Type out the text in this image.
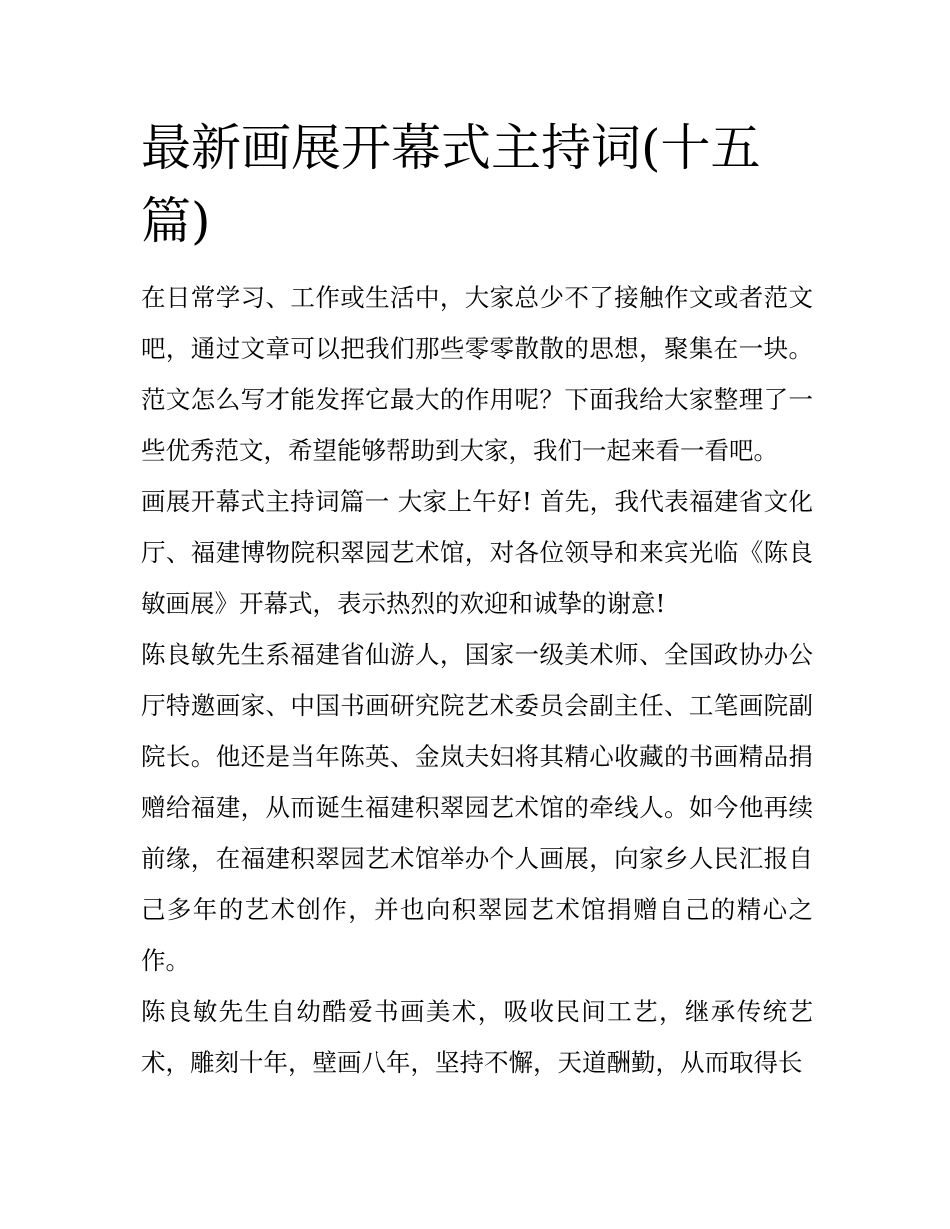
最新画展开幕式主持词(十五篇)

在日常学习、工作或生活中，大家总少不了接触作文或者范文吧，通过文章可以把我们那些零零散散的思想，聚集在一块。范文怎么写才能发挥它最大的作用呢？下面我给大家整理了一些优秀范文，希望能够帮助到大家，我们一起来看一看吧。

画展开幕式主持词篇一 大家上午好! 首先，我代表福建省文化厅、福建博物院积翠园艺术馆，对各位领导和来宾光临《陈良敏画展》开幕式，表示热烈的欢迎和诚挚的谢意!

陈良敏先生系福建省仙游人，国家一级美术师、全国政协办公厅特邀画家、中国书画研究院艺术委员会副主任、工笔画院副院长。他还是当年陈英、金岚夫妇将其精心收藏的书画精品捐赠给福建，从而诞生福建积翠园艺术馆的牵线人。如今他再续前缘，在福建积翠园艺术馆举办个人画展，向家乡人民汇报自己多年的艺术创作，并也向积翠园艺术馆捐赠自己的精心之作。

陈良敏先生自幼酷爱书画美术，吸收民间工艺，继承传统艺术，雕刻十年，壁画八年，坚持不懈，天道酬勤，从而取得长
